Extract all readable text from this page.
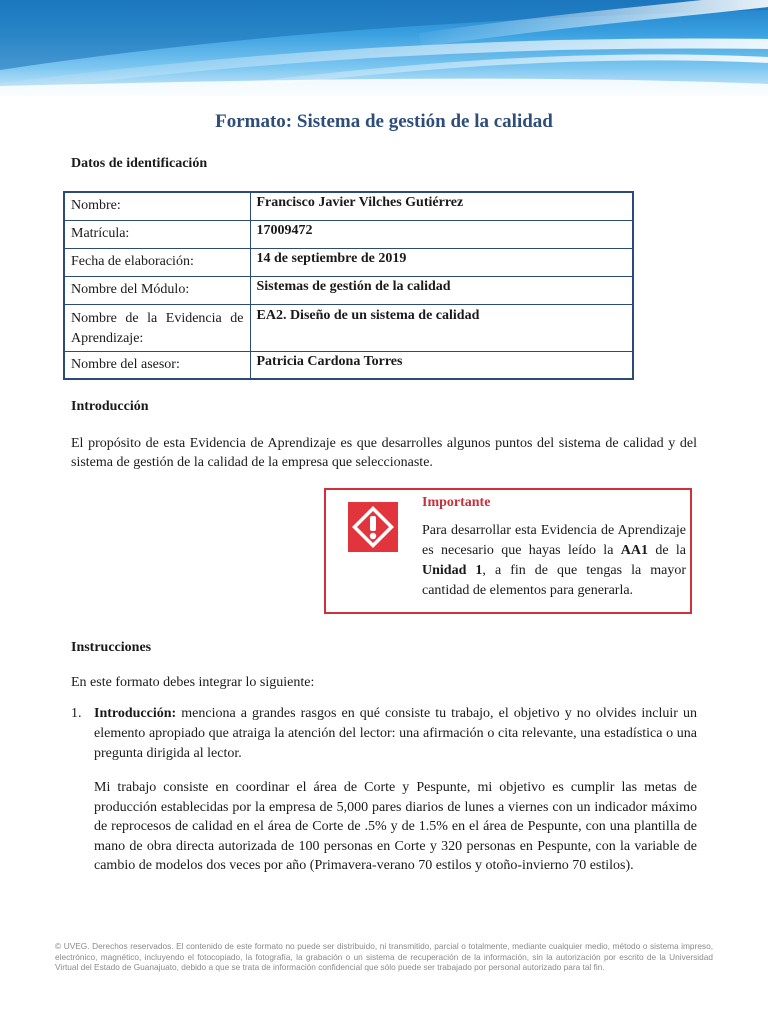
Formato: Sistema de gestión de la calidad
Datos de identificación
Nombre:	Francisco Javier Vilches Gutiérrez
Matrícula:	17009472
Fecha de elaboración:	14 de septiembre de 2019
Nombre del Módulo:	Sistemas de gestión de la calidad

Nombre de la Evidencia de
Aprendizaje:	EA2. Diseño de un sistema de calidad
Nombre del asesor:	Patricia Cardona Torres
Introducción
El propósito de esta Evidencia de Aprendizaje es que desarrolles algunos puntos del sistema de calidad y del sistema de gestión de la calidad de la empresa que seleccionaste.
Importante
Para desarrollar esta Evidencia de Aprendizaje es necesario que hayas leído la AA1 de la Unidad 1, a fin de que tengas la mayor cantidad de elementos para generarla.
Instrucciones
En este formato debes integrar lo siguiente:
1. Introducción: menciona a grandes rasgos en qué consiste tu trabajo, el objetivo y no olvides incluir un elemento apropiado que atraiga la atención del lector: una afirmación o cita relevante, una estadística o una pregunta dirigida al lector.
Mi trabajo consiste en coordinar el área de Corte y Pespunte, mi objetivo es cumplir las metas de producción establecidas por la empresa de 5,000 pares diarios de lunes a viernes con un indicador máximo de reprocesos de calidad en el área de Corte de .5% y de 1.5% en el área de Pespunte, con una plantilla de mano de obra directa autorizada de 100 personas en Corte y 320 personas en Pespunte, con la variable de cambio de modelos dos veces por año (Primavera-verano 70 estilos y otoño-invierno 70 estilos).
© UVEG. Derechos reservados. El contenido de este formato no puede ser distribuido, ni transmitido, parcial o totalmente, mediante cualquier medio, método o sistema impreso, electrónico, magnético, incluyendo el fotocopiado, la fotografía, la grabación o un sistema de recuperación de la información, sin la autorización por escrito de la Universidad Virtual del Estado de Guanajuato, debido a que se trata de información confidencial que sólo puede ser trabajado por personal autorizado para tal fin.
